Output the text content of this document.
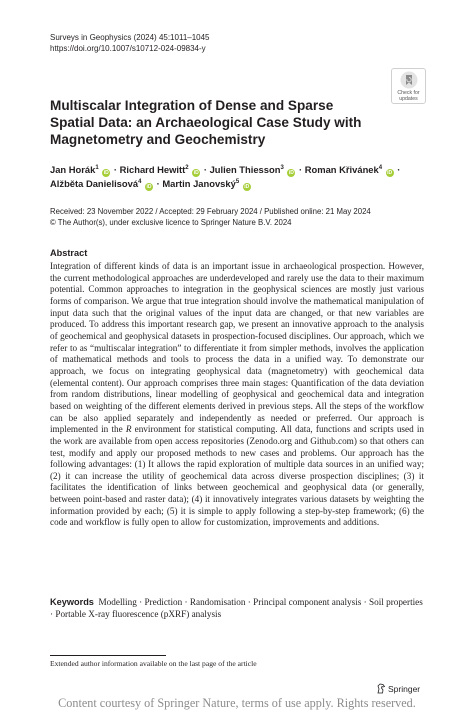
Surveys in Geophysics (2024) 45:1011–1045
https://doi.org/10.1007/s10712-024-09834-y
Check for
updates
Multiscalar Integration of Dense and Sparse Spatial Data: an Archaeological Case Study with Magnetometry and Geochemistry
Jan Horák$^1$ iD · Richard Hewitt$^2$ iD · Julien Thiesson$^3$ iD · Roman Křivánek$^4$ iD ·
Alžběta Danielisová$^4$ iD · Martin Janovský$^5$ iD
Received: 23 November 2022 / Accepted: 29 February 2024 / Published online: 21 May 2024
© The Author(s), under exclusive licence to Springer Nature B.V. 2024
Abstract

Integration of different kinds of data is an important issue in archaeological prospection. However, the current methodological approaches are underdeveloped and rarely use the data to their maximum potential. Common approaches to integration in the geophysical sciences are mostly just various forms of comparison. We argue that true integration should involve the mathematical manipulation of input data such that the original values of the input data are changed, or that new variables are produced. To address this important research gap, we present an innovative approach to the analysis of geochemical and geophysical datasets in prospection-focused disciplines. Our approach, which we refer to as “multiscalar integration” to differentiate it from simpler methods, involves the application of mathematical methods and tools to process the data in a unified way. To demonstrate our approach, we focus on integrating geophysical data (magnetometry) with geochemical data (elemental content). Our approach comprises three main stages: Quantification of the data deviation from random distributions, linear modelling of geophysical and geochemical data and integration based on weighting of the different elements derived in previous steps. All the steps of the workflow can be also applied separately and independently as needed or preferred. Our approach is implemented in the R environment for statistical computing. All data, functions and scripts used in the work are available from open access repositories (Zenodo.org and Github.com) so that others can test, modify and apply our proposed methods to new cases and problems. Our approach has the following advantages: (1) It allows the rapid exploration of multiple data sources in an unified way; (2) it can increase the utility of geochemical data across diverse prospection disciplines; (3) it facilitates the identification of links between geochemical and geophysical data (or generally, between point-based and raster data); (4) it innovatively integrates various datasets by weighting the information provided by each; (5) it is simple to apply following a step-by-step framework; (6) the code and workflow is fully open to allow for customization, improvements and additions.

Keywords Modelling · Prediction · Randomisation · Principal component analysis · Soil properties · Portable X-ray fluorescence (pXRF) analysis

Extended author information available on the last page of the article
Springer
Content courtesy of Springer Nature, terms of use apply. Rights reserved.
